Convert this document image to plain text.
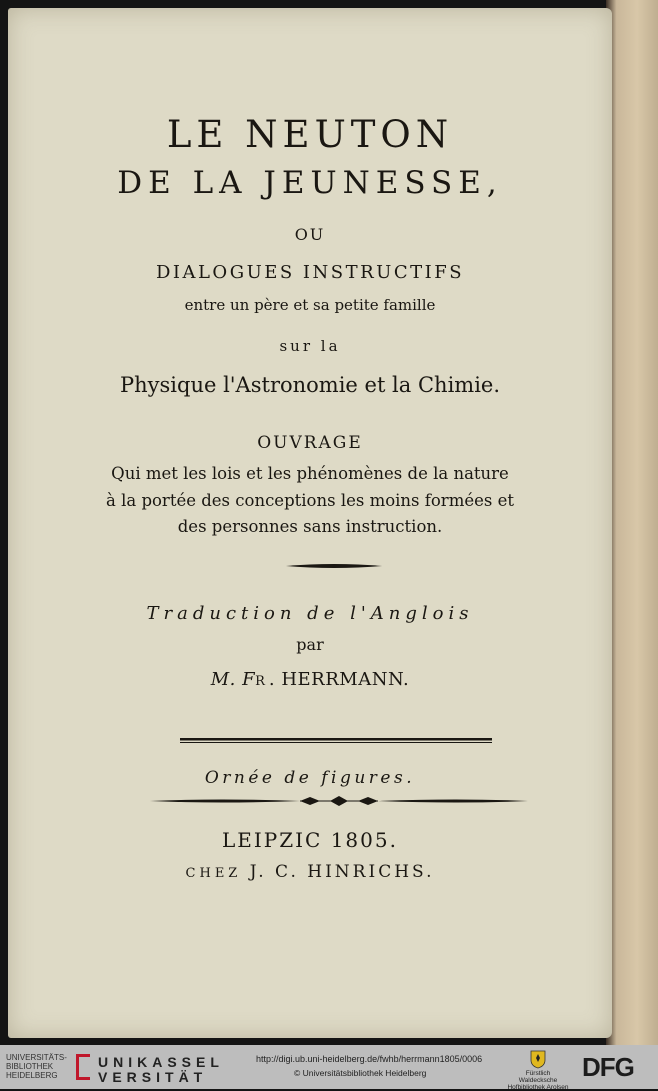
LE NEUTON
DE LA JEUNESSE,
OU
DIALOGUES INSTRUCTIFS
entre un père et sa petite famille
sur la
Physique l'Astronomie et la Chimie.
OUVRAGE
Qui met les lois et les phénomènes de la nature
à la portée des conceptions les moins formées et
des personnes sans instruction.
Traduction de l'Anglois
par
M. FR. HERRMANN.
Ornée de figures.
LEIPZIC 1805.
CHEZ J. C. HINRICHS.
UNIVERSITÄTS-
BIBLIOTHEK
HEIDELBERG
UNIKASSEL
VERSITÄT
http://digi.ub.uni-heidelberg.de/fwhb/herrmann1805/0006
© Universitätsbibliothek Heidelberg	Fürstlich Waldecksche
Hofbibliothek Arolsen
DFG
